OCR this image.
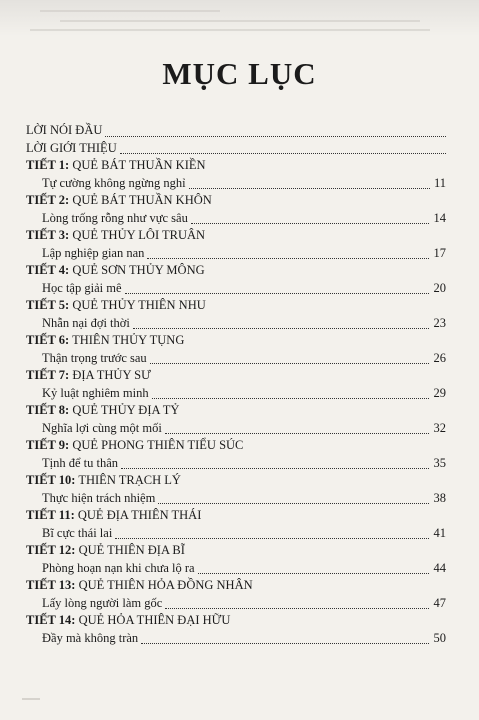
MỤC LỤC
LỜI NÓI ĐẦU
LỜI GIỚI THIỆU
TIẾT 1: QUẺ BÁT THUẦN KIỀN
Tự cường không ngừng nghỉ	11
TIẾT 2: QUẺ BÁT THUẦN KHÔN
Lòng trống rỗng như vực sâu	14
TIẾT 3: QUẺ THỦY LÔI TRUÂN
Lập nghiệp gian nan	17
TIẾT 4: QUẺ SƠN THỦY MÔNG
Học tập giải mê	20
TIẾT 5: QUẺ THỦY THIÊN NHU
Nhẫn nại đợi thời	23
TIẾT 6: THIÊN THỦY TỤNG
Thận trọng trước sau	26
TIẾT 7: ĐỊA THỦY SƯ
Kỷ luật nghiêm minh	29
TIẾT 8: QUẺ THỦY ĐỊA TỶ
Nghĩa lợi cùng một mối	32
TIẾT 9: QUẺ PHONG THIÊN TIỂU SÚC
Tịnh để tu thân	35
TIẾT 10: THIÊN TRẠCH LÝ
Thực hiện trách nhiệm	38
TIẾT 11: QUẺ ĐỊA THIÊN THÁI
Bĩ cực thái lai	41
TIẾT 12: QUẺ THIÊN ĐỊA BĨ
Phòng hoạn nạn khi chưa lộ ra	44
TIẾT 13: QUẺ THIÊN HỎA ĐỒNG NHÂN
Lấy lòng người làm gốc	47
TIẾT 14: QUẺ HỎA THIÊN ĐẠI HỮU
Đầy mà không tràn	50
